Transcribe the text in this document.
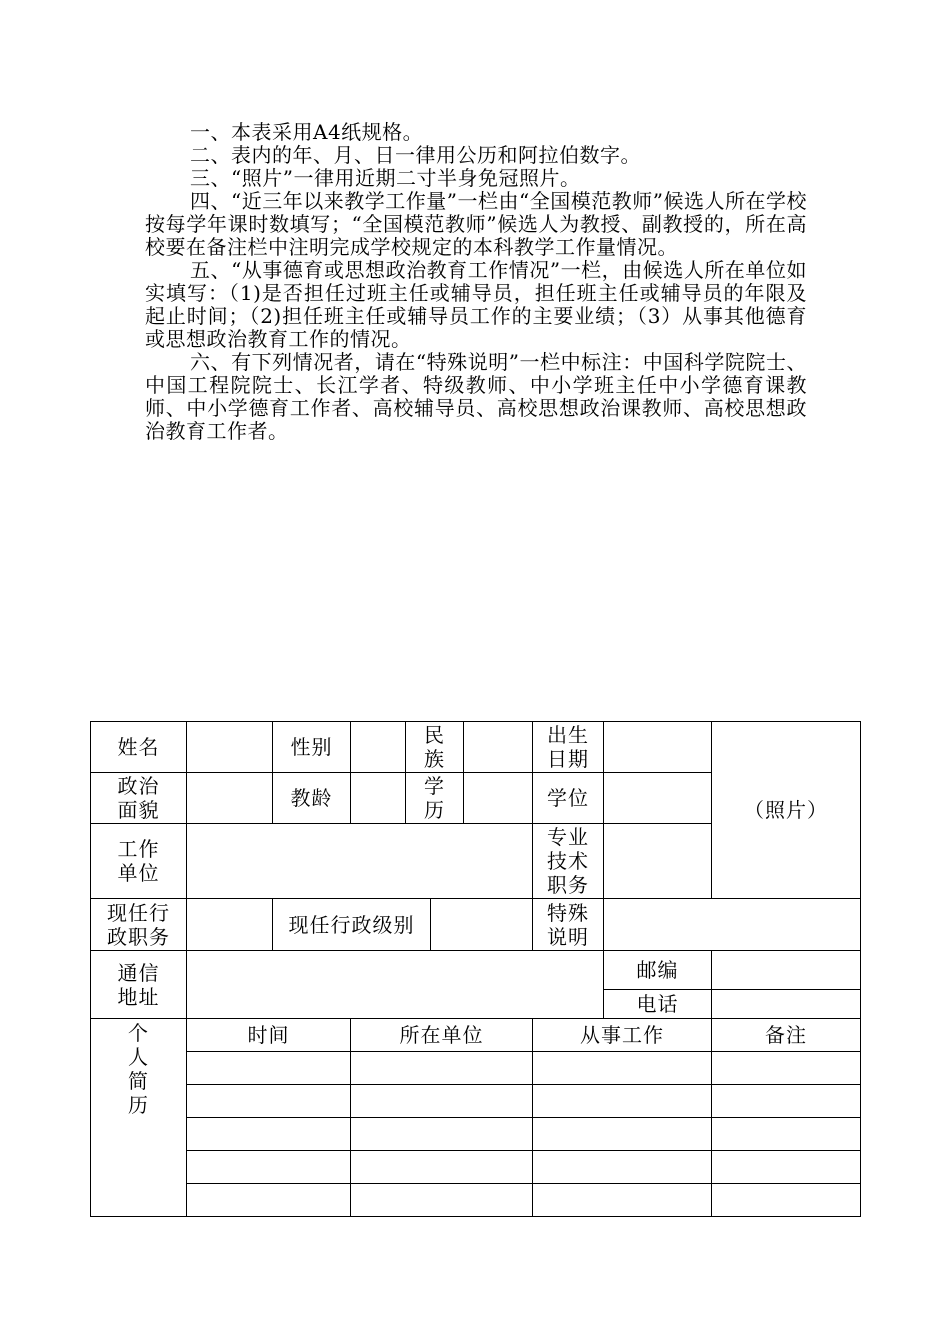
一、本表采用A4纸规格。

二、表内的年、月、日一律用公历和阿拉伯数字。

三、“照片”一律用近期二寸半身免冠照片。

四、“近三年以来教学工作量”一栏由“全国模范教师”候选人所在学校按每学年课时数填写；“全国模范教师”候选人为教授、副教授的，所在高校要在备注栏中注明完成学校规定的本科教学工作量情况。

五、“从事德育或思想政治教育工作情况”一栏，由候选人所在单位如实填写：（1)是否担任过班主任或辅导员，担任班主任或辅导员的年限及起止时间；（2)担任班主任或辅导员工作的主要业绩；（3）从事其他德育或思想政治教育工作的情况。

六、有下列情况者，请在“特殊说明”一栏中标注：中国科学院院士、中国工程院院士、长江学者、特级教师、中小学班主任中小学德育课教师、中小学德育工作者、高校辅导员、高校思想政治课教师、高校思想政治教育工作者。

姓名		性别		民族			出生日期		（照片）
政治面貌		教龄		学历			学位		
工作单位							专业技术职务		
现任行政职务		现任行政级别					特殊说明		
通信地址								邮编	
								电话	
个人简历	时间		所在单位				从事工作		备注
